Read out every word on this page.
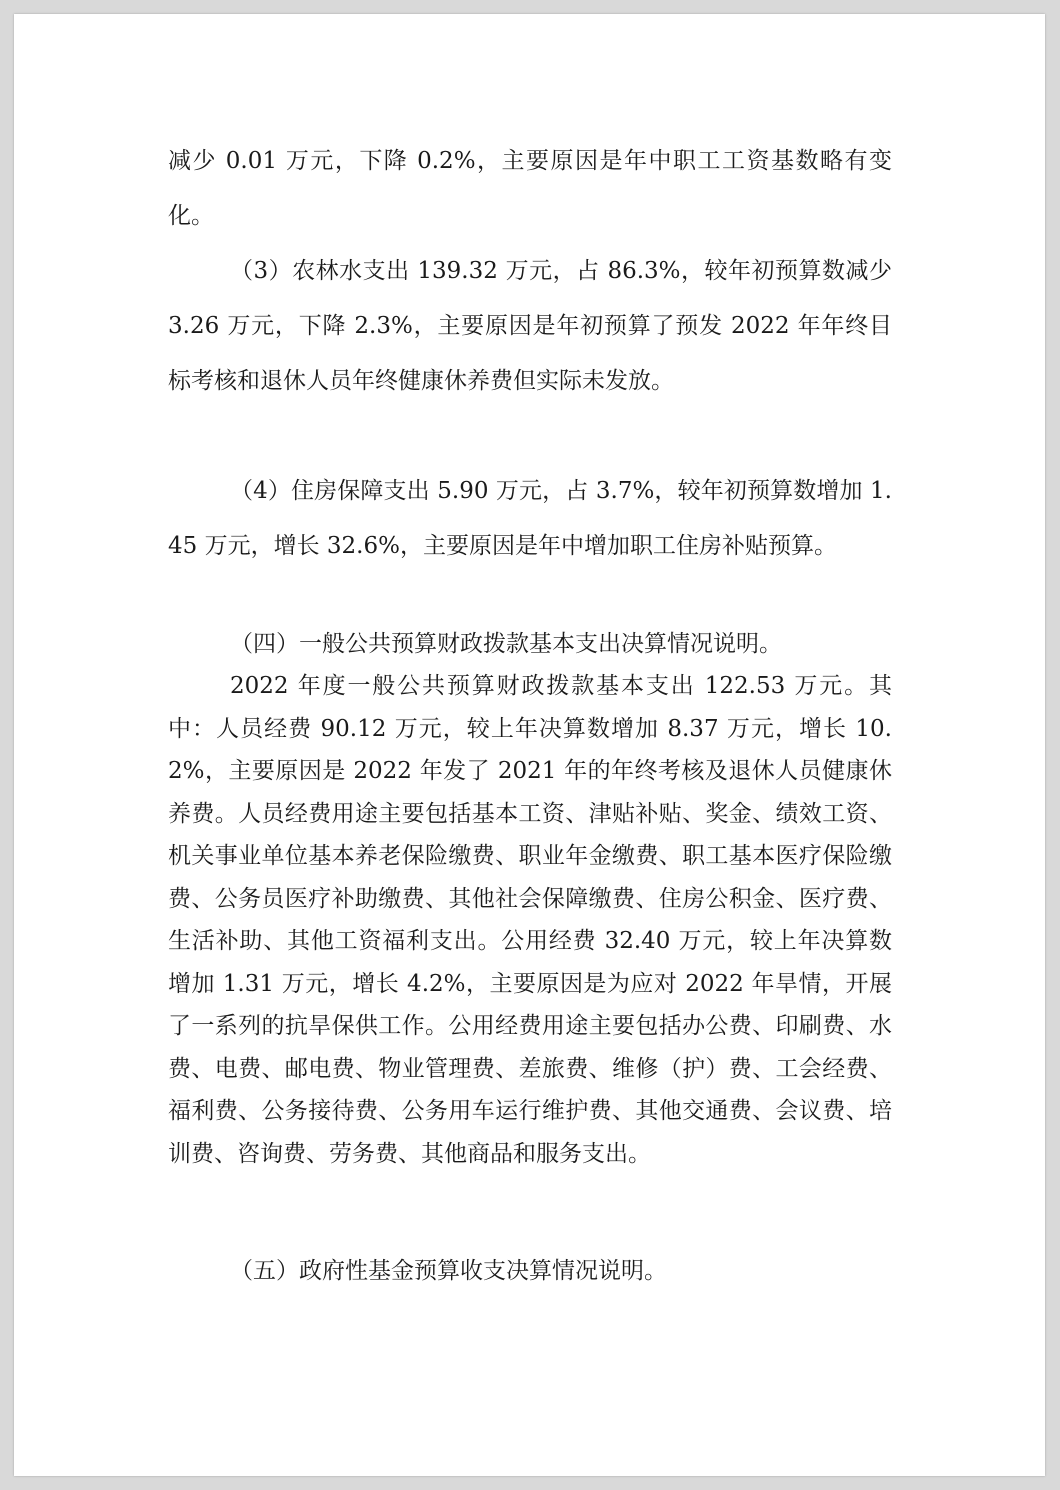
减少 0.01 万元，下降 0.2%，主要原因是年中职工工资基数略有变化。

（3）农林水支出 139.32 万元，占 86.3%，较年初预算数减少 3.26 万元，下降 2.3%，主要原因是年初预算了预发 2022 年年终目标考核和退休人员年终健康休养费但实际未发放。

（4）住房保障支出 5.90 万元，占 3.7%，较年初预算数增加 1.45 万元，增长 32.6%，主要原因是年中增加职工住房补贴预算。

（四）一般公共预算财政拨款基本支出决算情况说明。

2022 年度一般公共预算财政拨款基本支出 122.53 万元。其中：人员经费 90.12 万元，较上年决算数增加 8.37 万元，增长 10.2%，主要原因是 2022 年发了 2021 年的年终考核及退休人员健康休养费。人员经费用途主要包括基本工资、津贴补贴、奖金、绩效工资、机关事业单位基本养老保险缴费、职业年金缴费、职工基本医疗保险缴费、公务员医疗补助缴费、其他社会保障缴费、住房公积金、医疗费、生活补助、其他工资福利支出。公用经费 32.40 万元，较上年决算数增加 1.31 万元，增长 4.2%，主要原因是为应对 2022 年旱情，开展了一系列的抗旱保供工作。公用经费用途主要包括办公费、印刷费、水费、电费、邮电费、物业管理费、差旅费、维修（护）费、工会经费、福利费、公务接待费、公务用车运行维护费、其他交通费、会议费、培训费、咨询费、劳务费、其他商品和服务支出。

（五）政府性基金预算收支决算情况说明。
